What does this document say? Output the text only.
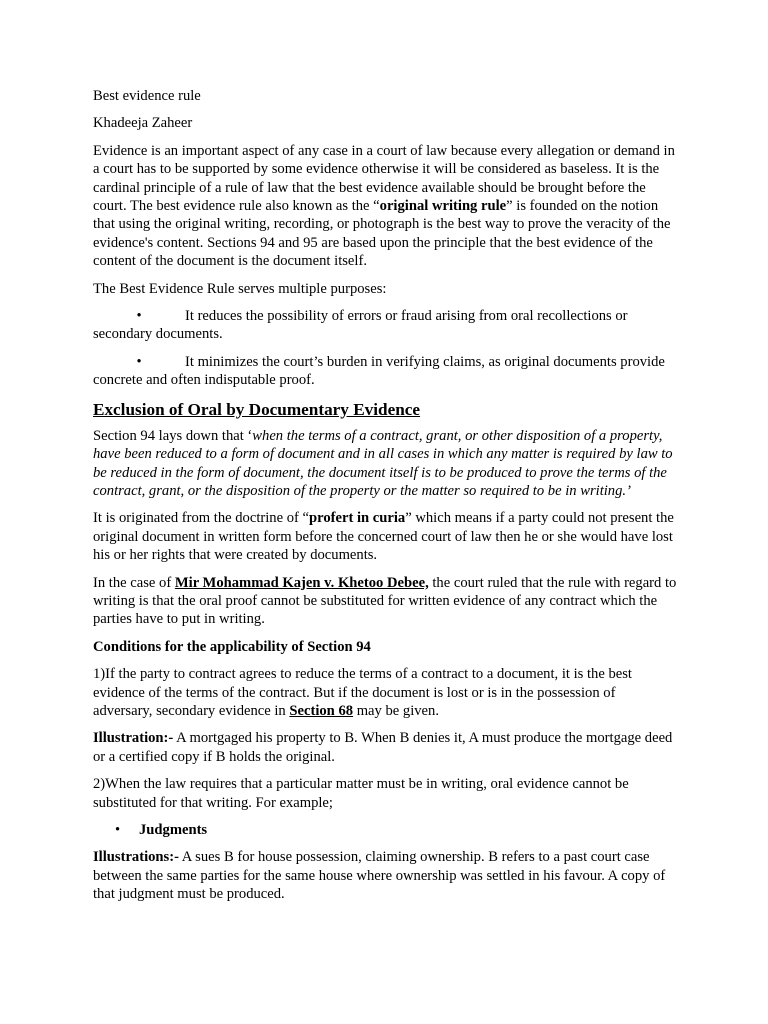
Best evidence rule

Khadeeja Zaheer

Evidence is an important aspect of any case in a court of law because every allegation or demand in a court has to be supported by some evidence otherwise it will be considered as baseless. It is the cardinal principle of a rule of law that the best evidence available should be brought before the court. The best evidence rule also known as the “original writing rule” is founded on the notion that using the original writing, recording, or photograph is the best way to prove the veracity of the evidence's content. Sections 94 and 95 are based upon the principle that the best evidence of the content of the document is the document itself.

The Best Evidence Rule serves multiple purposes:

•	It reduces the possibility of errors or fraud arising from oral recollections or secondary documents.

•	It minimizes the court’s burden in verifying claims, as original documents provide concrete and often indisputable proof.

Exclusion of Oral by Documentary Evidence

Section 94 lays down that ‘when the terms of a contract, grant, or other disposition of a property, have been reduced to a form of document and in all cases in which any matter is required by law to be reduced in the form of document, the document itself is to be produced to prove the terms of the contract, grant, or the disposition of the property or the matter so required to be in writing.’

It is originated from the doctrine of “profert in curia” which means if a party could not present the original document in written form before the concerned court of law then he or she would have lost his or her rights that were created by documents.

In the case of Mir Mohammad Kajen v. Khetoo Debee, the court ruled that the rule with regard to writing is that the oral proof cannot be substituted for written evidence of any contract which the parties have to put in writing.

Conditions for the applicability of Section 94

1)If the party to contract agrees to reduce the terms of a contract to a document, it is the best evidence of the terms of the contract. But if the document is lost or is in the possession of adversary, secondary evidence in Section 68 may be given.

Illustration:- A mortgaged his property to B. When B denies it, A must produce the mortgage deed or a certified copy if B holds the original.

2)When the law requires that a particular matter must be in writing, oral evidence cannot be substituted for that writing. For example;

• Judgments

Illustrations:- A sues B for house possession, claiming ownership. B refers to a past court case between the same parties for the same house where ownership was settled in his favour. A copy of that judgment must be produced.
